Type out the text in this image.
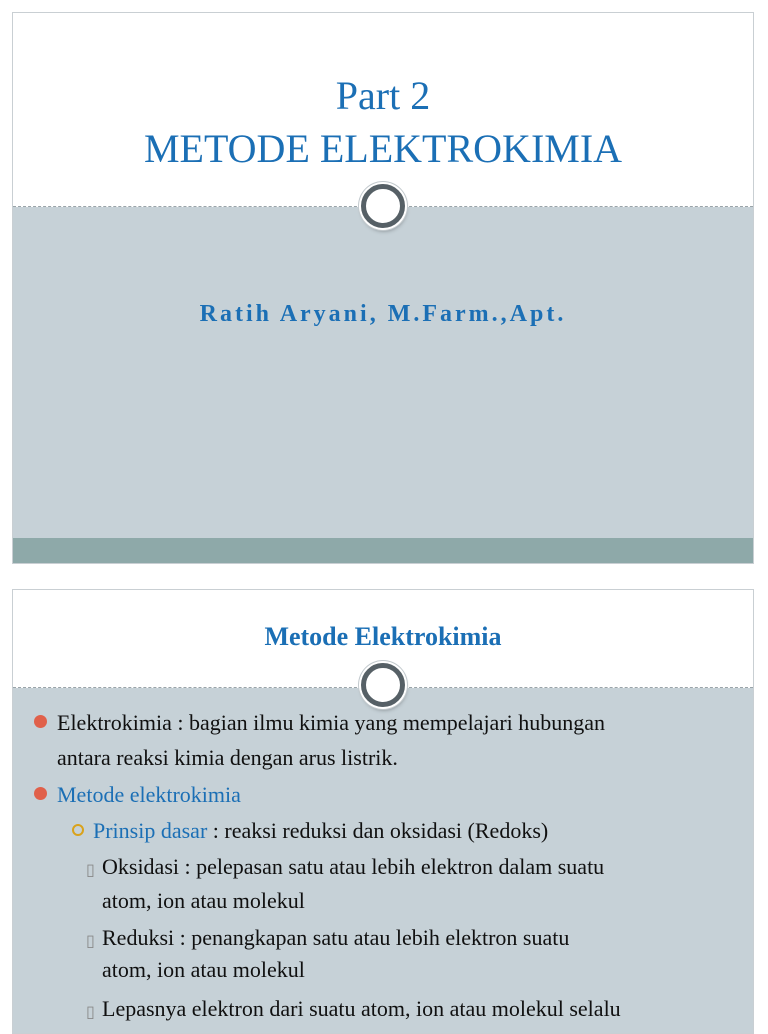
Part 2
METODE ELEKTROKIMIA
Ratih Aryani, M.Farm.,Apt.
Metode Elektrokimia
Elektrokimia : bagian ilmu kimia yang mempelajari hubungan
antara reaksi kimia dengan arus listrik.
Metode elektrokimia
Prinsip dasar : reaksi reduksi dan oksidasi (Redoks)
▯ Oksidasi : pelepasan satu atau lebih elektron dalam suatu
atom, ion atau molekul
▯ Reduksi : penangkapan satu atau lebih elektron suatu
atom, ion atau molekul
▯ Lepasnya elektron dari suatu atom, ion atau molekul selalu
